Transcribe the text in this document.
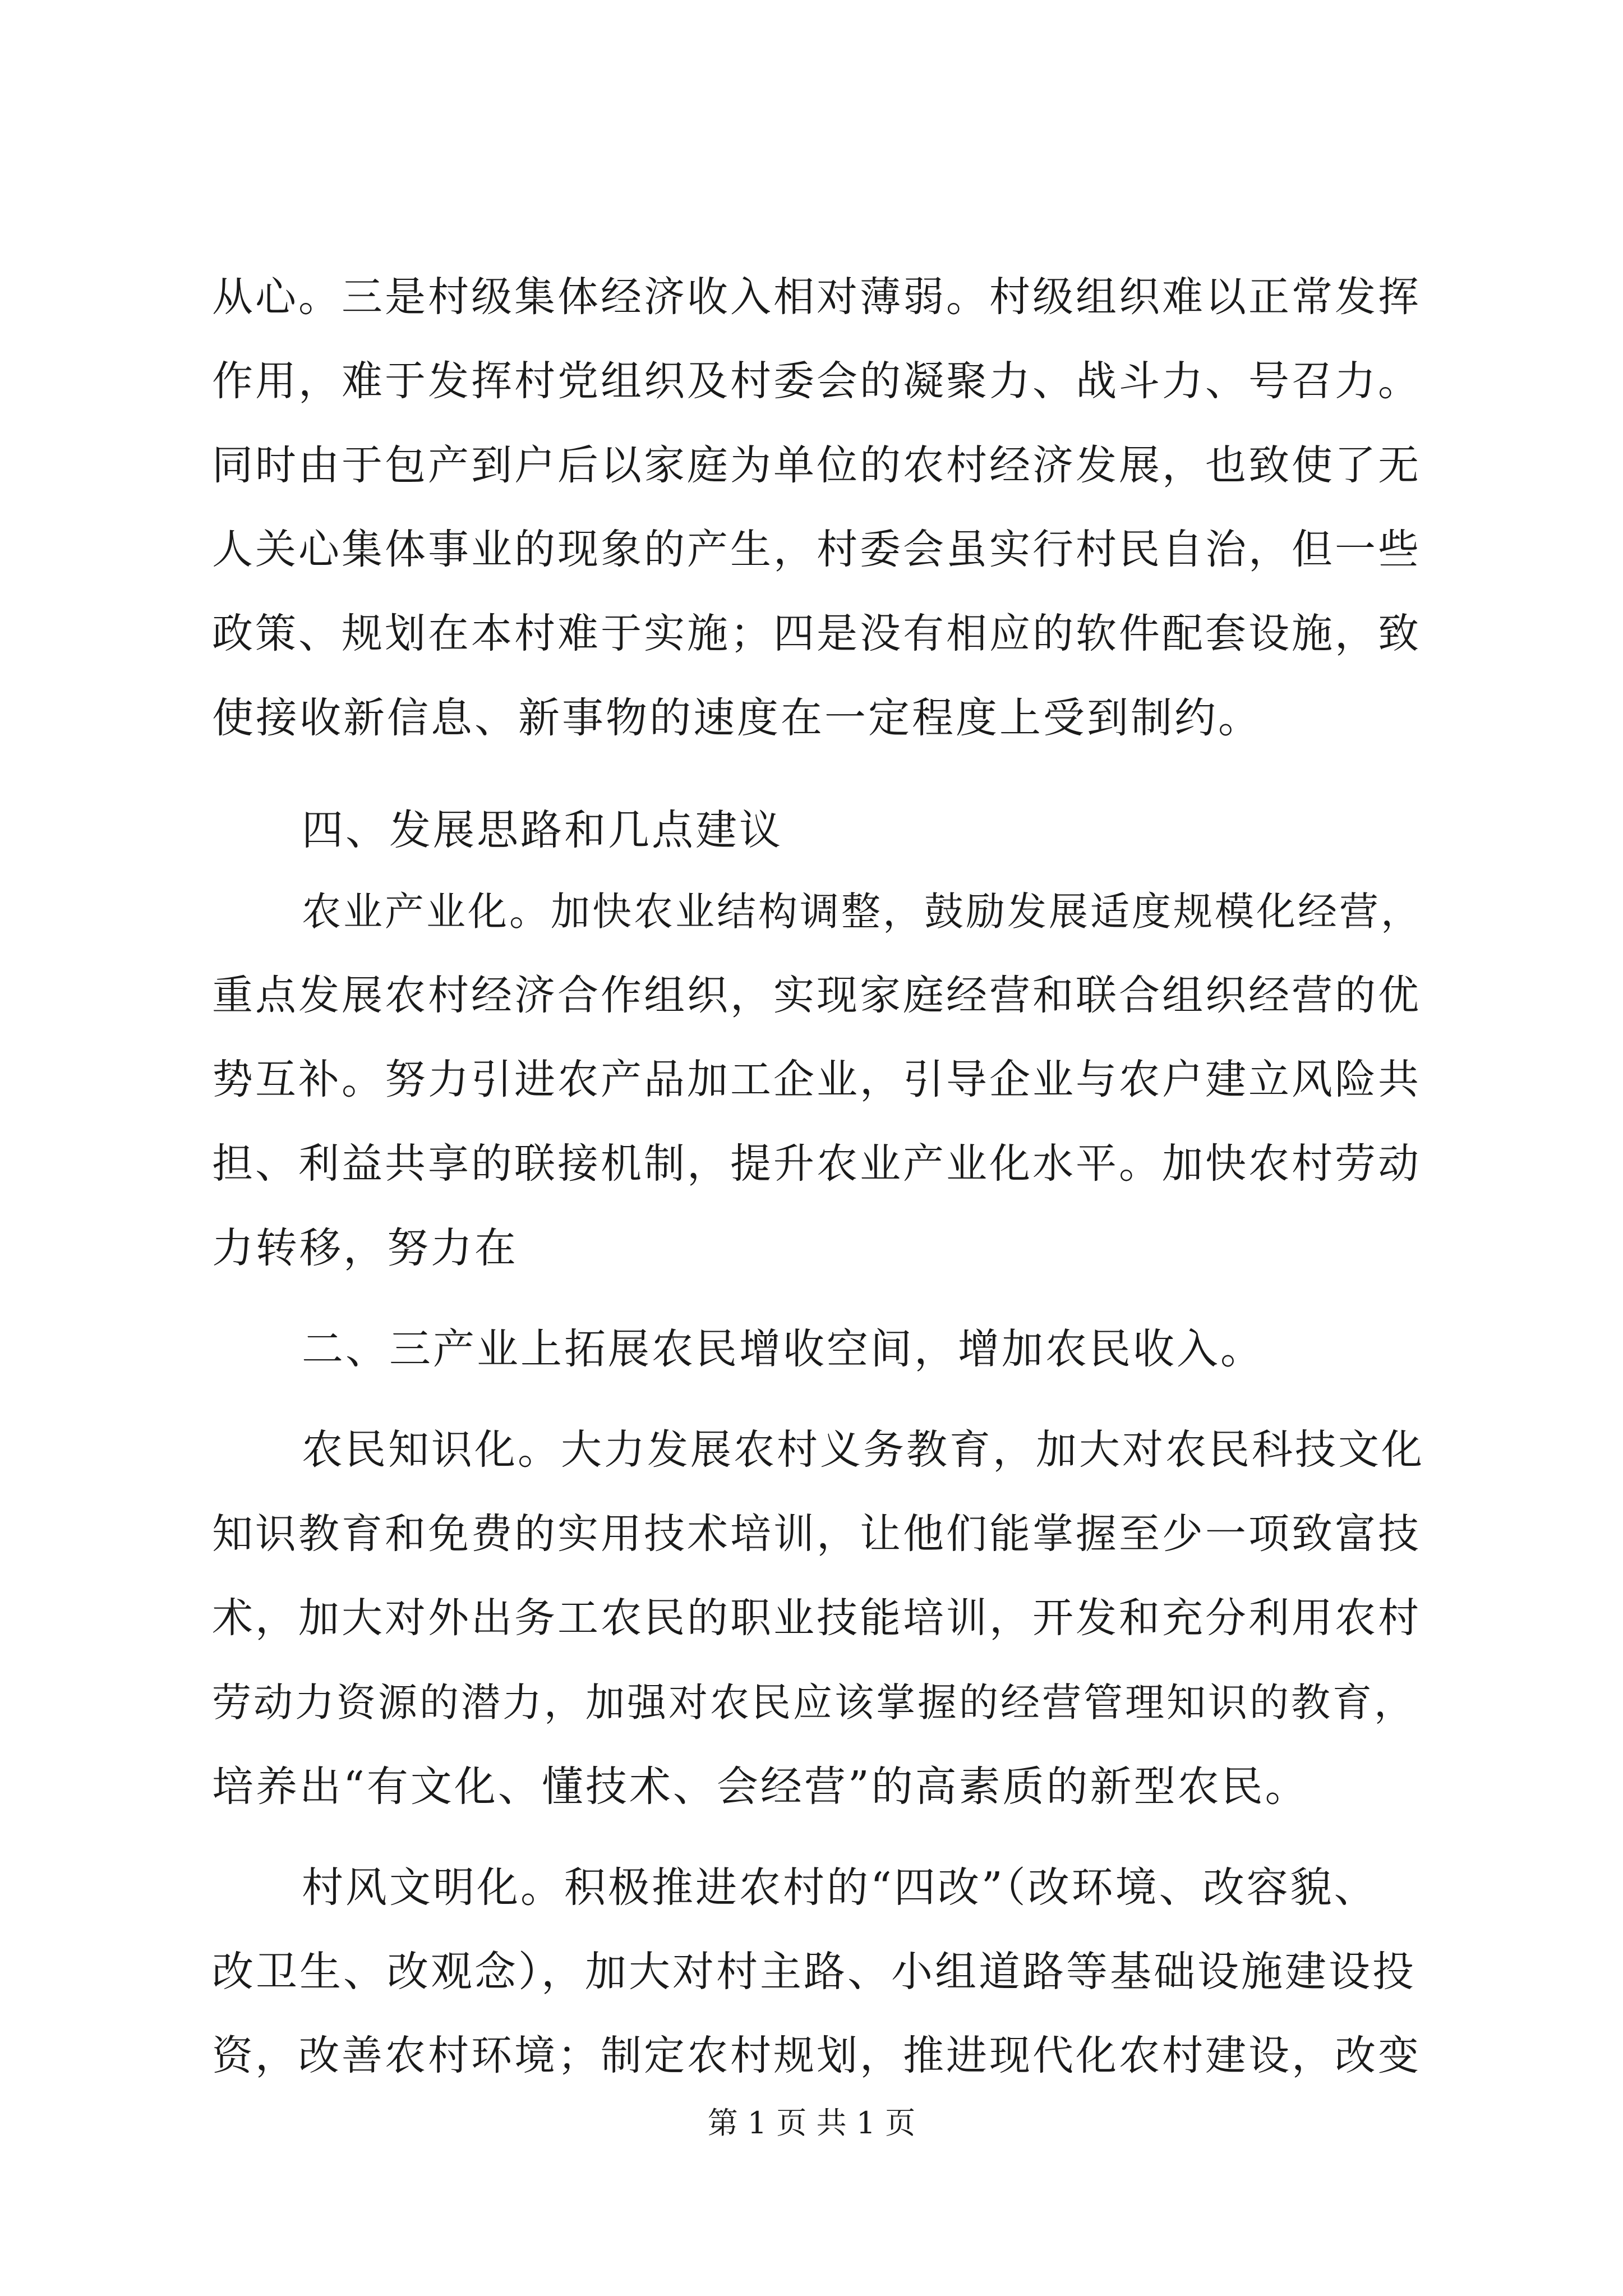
从心。三是村级集体经济收入相对薄弱。村级组织难以正常发挥
作用，难于发挥村党组织及村委会的凝聚力、战斗力、号召力。
同时由于包产到户后以家庭为单位的农村经济发展，也致使了无
人关心集体事业的现象的产生，村委会虽实行村民自治，但一些
政策、规划在本村难于实施；四是没有相应的软件配套设施，致
使接收新信息、新事物的速度在一定程度上受到制约。
四、发展思路和几点建议
农业产业化。加快农业结构调整，鼓励发展适度规模化经营，
重点发展农村经济合作组织，实现家庭经营和联合组织经营的优
势互补。努力引进农产品加工企业，引导企业与农户建立风险共
担、利益共享的联接机制，提升农业产业化水平。加快农村劳动
力转移，努力在
二、三产业上拓展农民增收空间，增加农民收入。
农民知识化。大力发展农村义务教育，加大对农民科技文化
知识教育和免费的实用技术培训，让他们能掌握至少一项致富技
术，加大对外出务工农民的职业技能培训，开发和充分利用农村
劳动力资源的潜力，加强对农民应该掌握的经营管理知识的教育，
培养出“有文化、懂技术、会经营”的高素质的新型农民。
村风文明化。积极推进农村的“四改”（改环境、改容貌、
改卫生、改观念），加大对村主路、小组道路等基础设施建设投
资，改善农村环境；制定农村规划，推进现代化农村建设，改变
第 1 页 共 1 页
